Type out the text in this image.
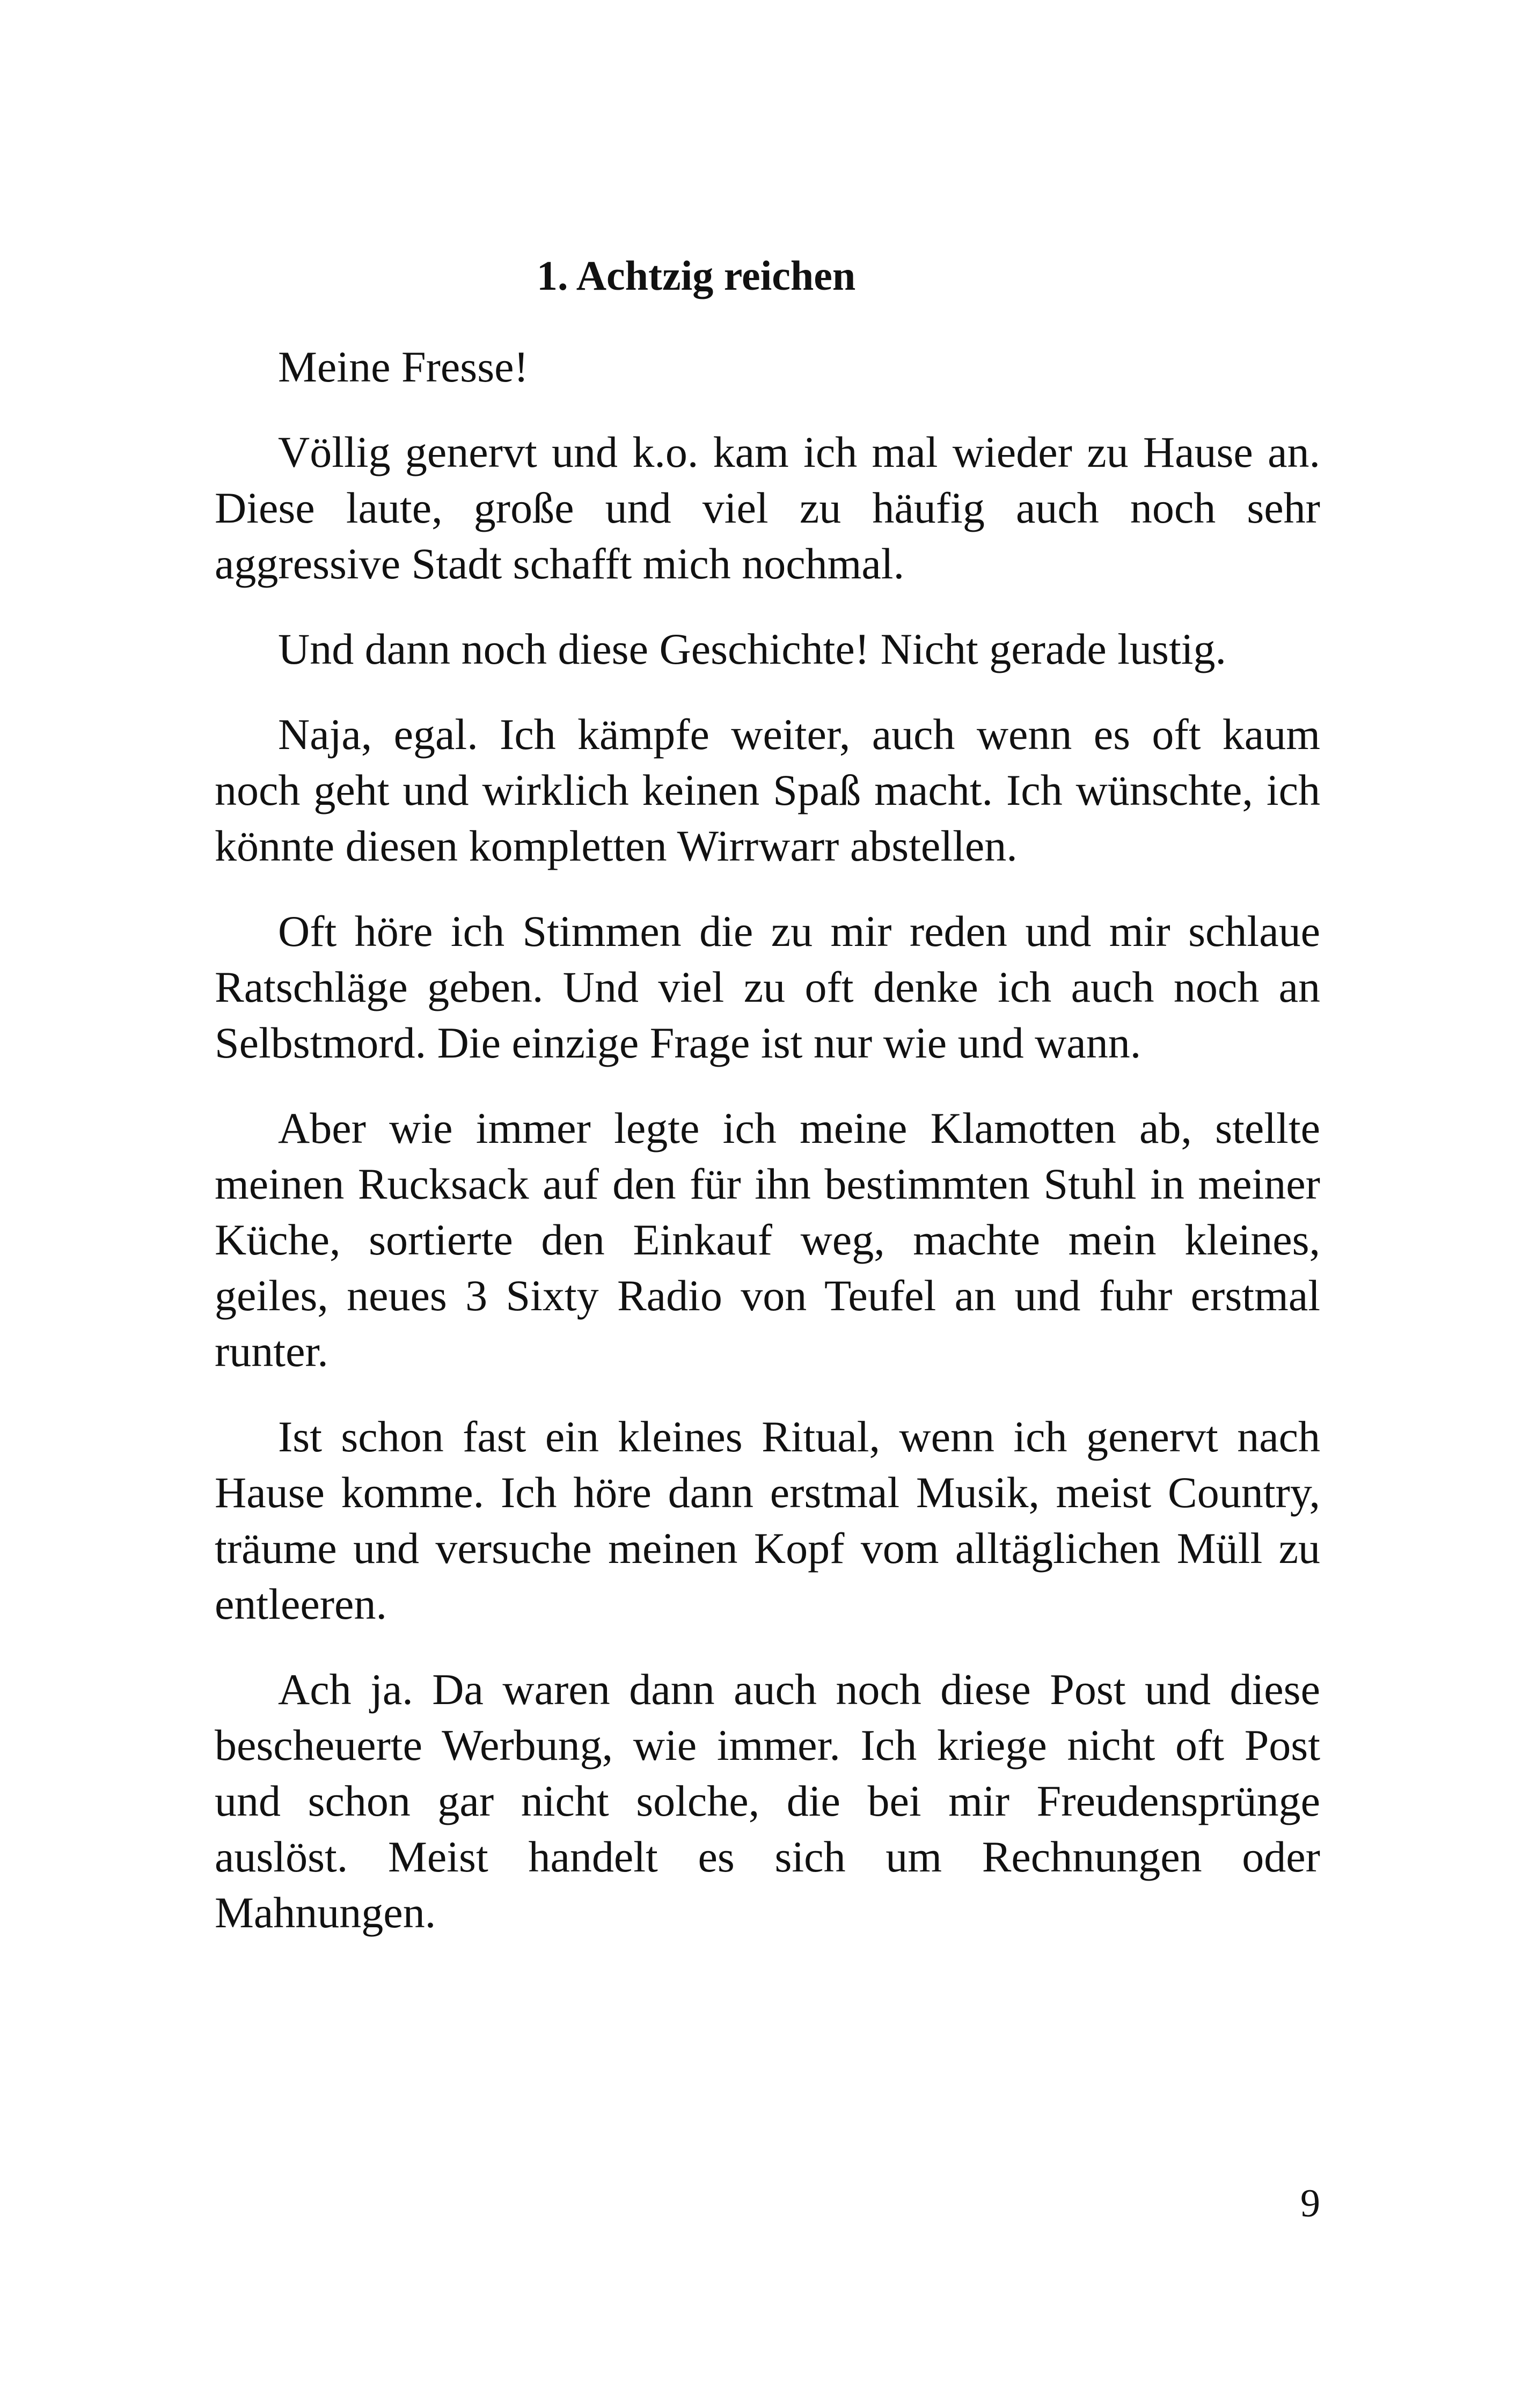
1. Achtzig reichen

Meine Fresse!

Völlig genervt und k.o. kam ich mal wieder zu Hause an. Diese laute, große und viel zu häufig auch noch sehr aggressive Stadt schafft mich nochmal.

Und dann noch diese Geschichte! Nicht gerade lustig.

Naja, egal. Ich kämpfe weiter, auch wenn es oft kaum noch geht und wirklich keinen Spaß macht. Ich wünschte, ich könnte diesen kompletten Wirrwarr abstellen.

Oft höre ich Stimmen die zu mir reden und mir schlaue Ratschläge geben. Und viel zu oft denke ich auch noch an Selbstmord. Die einzige Frage ist nur wie und wann.

Aber wie immer legte ich meine Klamotten ab, stellte meinen Rucksack auf den für ihn bestimmten Stuhl in meiner Küche, sortierte den Einkauf weg, machte mein kleines, geiles, neues 3 Sixty Radio von Teufel an und fuhr erstmal runter.

Ist schon fast ein kleines Ritual, wenn ich genervt nach Hause komme. Ich höre dann erstmal Musik, meist Country, träume und versuche meinen Kopf vom alltäglichen Müll zu entleeren.

Ach ja. Da waren dann auch noch diese Post und diese bescheuerte Werbung, wie immer. Ich kriege nicht oft Post und schon gar nicht solche, die bei mir Freudensprünge auslöst. Meist handelt es sich um Rechnungen oder Mahnungen.

9
